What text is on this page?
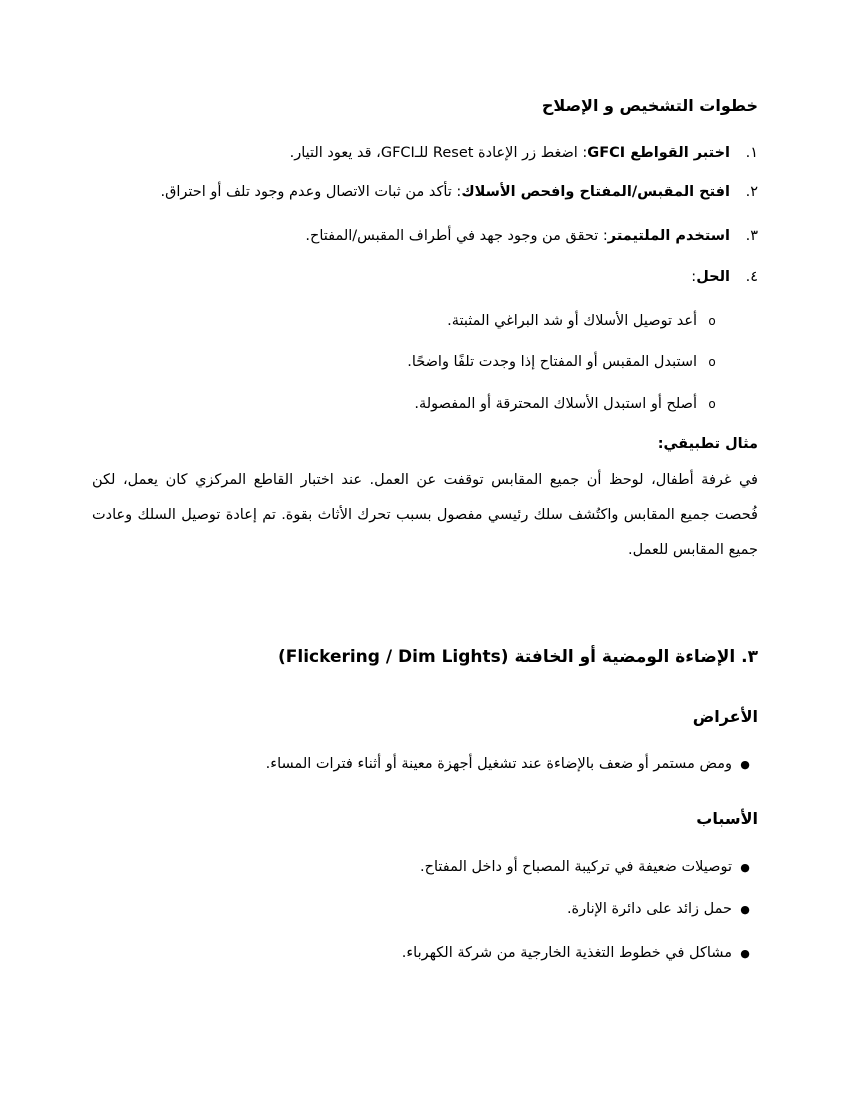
خطوات التشخيص و الإصلاح
١.اختبر القواطع GFCI: اضغط زر الإعادة Reset للـGFCI، قد يعود التيار.
٢.افتح المقبس/المفتاح وافحص الأسلاك: تأكد من ثبات الاتصال وعدم وجود تلف أو احتراق.
٣.استخدم الملتيمتر: تحقق من وجود جهد في أطراف المقبس/المفتاح.
٤.الحل:
oأعد توصيل الأسلاك أو شد البراغي المثبتة.
oاستبدل المقبس أو المفتاح إذا وجدت تلفًا واضحًا.
oأصلح أو استبدل الأسلاك المحترقة أو المفصولة.
مثال تطبيقي:
في غرفة أطفال، لوحظ أن جميع المقابس توقفت عن العمل. عند اختبار القاطع المركزي كان يعمل، لكن فُحصت جميع المقابس واكتُشف سلك رئيسي مفصول بسبب تحرك الأثاث بقوة. تم إعادة توصيل السلك وعادت جميع المقابس للعمل.
٣. الإضاءة الومضية أو الخافتة (Flickering / Dim Lights)
الأعراض
●ومض مستمر أو ضعف بالإضاءة عند تشغيل أجهزة معينة أو أثناء فترات المساء.
الأسباب
●توصيلات ضعيفة في تركيبة المصباح أو داخل المفتاح.
●حمل زائد على دائرة الإنارة.
●مشاكل في خطوط التغذية الخارجية من شركة الكهرباء.
